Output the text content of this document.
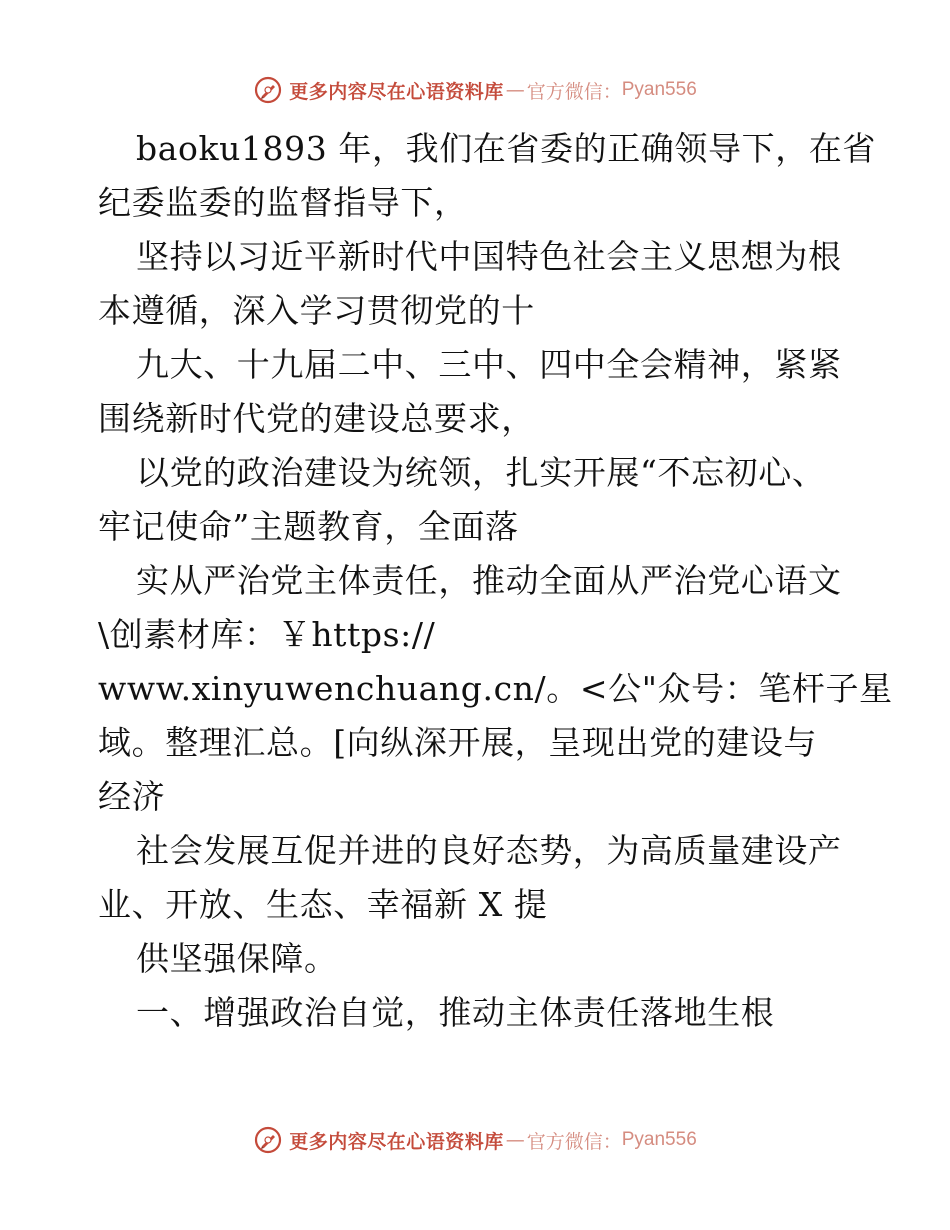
更多内容尽在心语资料库 — 官方微信： Pyan556
baoku1893 年，我们在省委的正确领导下，在省
纪委监委的监督指导下，
坚持以习近平新时代中国特色社会主义思想为根
本遵循，深入学习贯彻党的十
九大、十九届二中、三中、四中全会精神，紧紧
围绕新时代党的建设总要求，
以党的政治建设为统领，扎实开展“不忘初心、
牢记使命”主题教育，全面落
实从严治党主体责任，推动全面从严治党心语文
\创素材库：￥https://
www.xinyuwenchuang.cn/。<公"众号：笔杆子星
域。整理汇总。[向纵深开展，呈现出党的建设与
经济
社会发展互促并进的良好态势，为高质量建设产
业、开放、生态、幸福新 X 提
供坚强保障。
一、增强政治自觉，推动主体责任落地生根
更多内容尽在心语资料库 — 官方微信： Pyan556
